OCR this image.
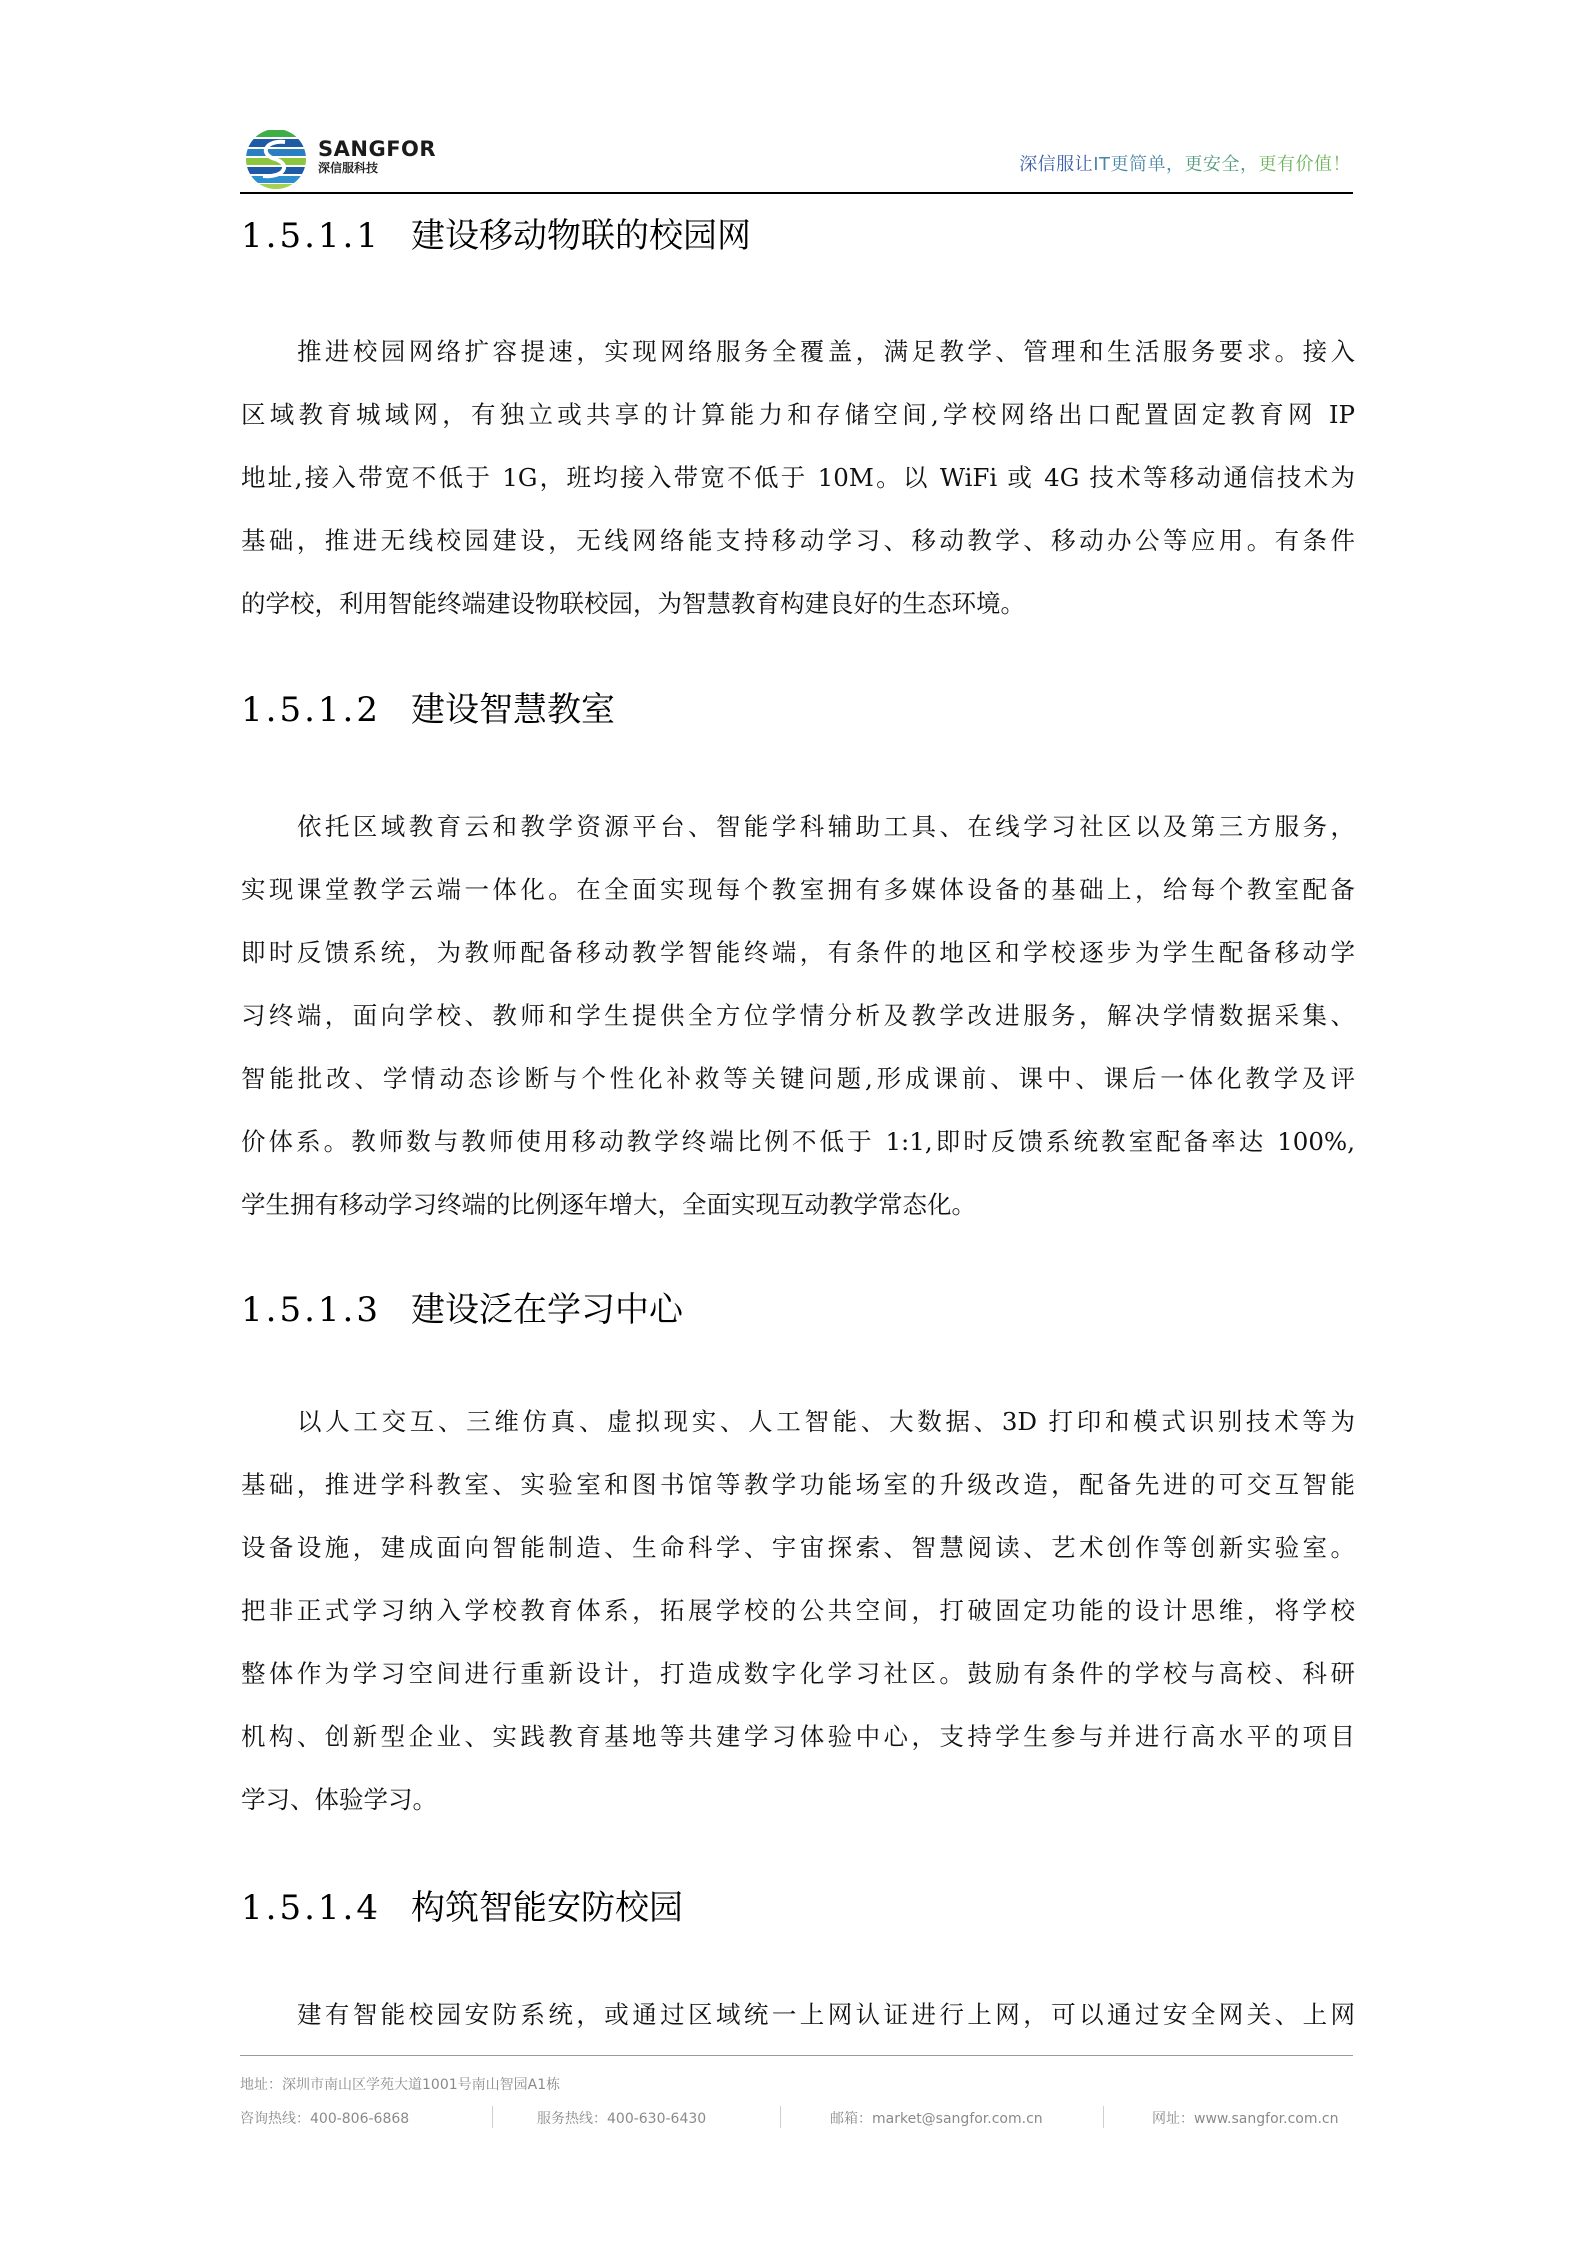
SANGFOR
深信服科技	深信服让IT更简单，更安全，更有价值！
1.5.1.1 建设移动物联的校园网
推进校园网络扩容提速，实现网络服务全覆盖，满足教学、管理和生活服务要求。接入
区域教育城域网，有独立或共享的计算能力和存储空间,学校网络出口配置固定教育网 IP
地址,接入带宽不低于 1G，班均接入带宽不低于 10M。以 WiFi 或 4G 技术等移动通信技术为
基础，推进无线校园建设，无线网络能支持移动学习、移动教学、移动办公等应用。有条件
的学校，利用智能终端建设物联校园，为智慧教育构建良好的生态环境。
1.5.1.2 建设智慧教室
依托区域教育云和教学资源平台、智能学科辅助工具、在线学习社区以及第三方服务，
实现课堂教学云端一体化。在全面实现每个教室拥有多媒体设备的基础上，给每个教室配备
即时反馈系统，为教师配备移动教学智能终端，有条件的地区和学校逐步为学生配备移动学
习终端，面向学校、教师和学生提供全方位学情分析及教学改进服务，解决学情数据采集、
智能批改、学情动态诊断与个性化补救等关键问题,形成课前、课中、课后一体化教学及评
价体系。教师数与教师使用移动教学终端比例不低于 1:1,即时反馈系统教室配备率达 100%,
学生拥有移动学习终端的比例逐年增大，全面实现互动教学常态化。
1.5.1.3 建设泛在学习中心
以人工交互、三维仿真、虚拟现实、人工智能、大数据、3D 打印和模式识别技术等为
基础，推进学科教室、实验室和图书馆等教学功能场室的升级改造，配备先进的可交互智能
设备设施，建成面向智能制造、生命科学、宇宙探索、智慧阅读、艺术创作等创新实验室。
把非正式学习纳入学校教育体系，拓展学校的公共空间，打破固定功能的设计思维，将学校
整体作为学习空间进行重新设计，打造成数字化学习社区。鼓励有条件的学校与高校、科研
机构、创新型企业、实践教育基地等共建学习体验中心，支持学生参与并进行高水平的项目
学习、体验学习。
1.5.1.4 构筑智能安防校园
建有智能校园安防系统，或通过区域统一上网认证进行上网，可以通过安全网关、上网
地址：深圳市南山区学苑大道1001号南山智园A1栋
咨询热线：400-806-6868	服务热线：400-630-6430	邮箱：market@sangfor.com.cn	网址：www.sangfor.com.cn
